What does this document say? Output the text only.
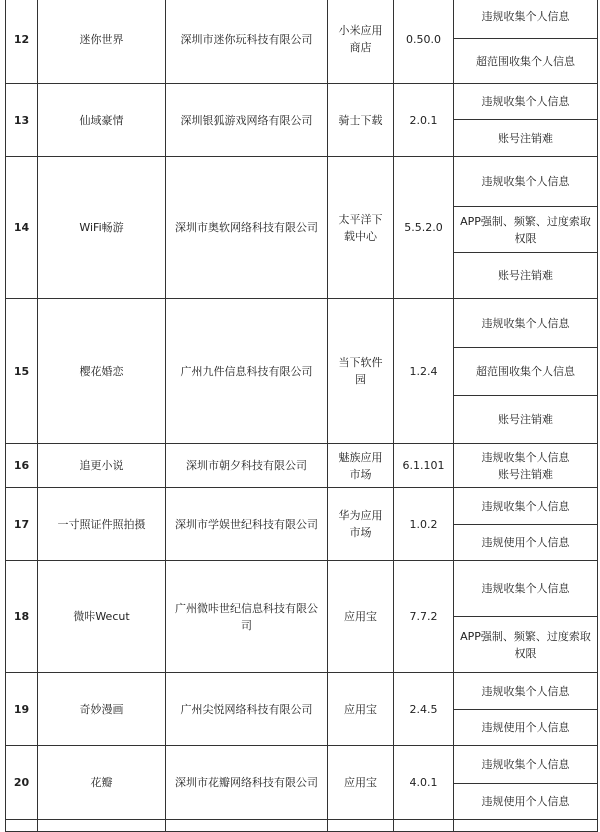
12	迷你世界	深圳市迷你玩科技有限公司	小米应用商店	0.50.0	违规收集个人信息
					超范围收集个人信息
13	仙域豪情	深圳银狐游戏网络有限公司	骑士下载	2.0.1	违规收集个人信息
					账号注销难
14	WiFi畅游	深圳市奥软网络科技有限公司	太平洋下载中心	5.5.2.0	违规收集个人信息
					APP强制、频繁、过度索取权限
					账号注销难
15	樱花婚恋	广州九件信息科技有限公司	当下软件园	1.2.4	违规收集个人信息
					超范围收集个人信息
					账号注销难
16	追更小说	深圳市朝夕科技有限公司	魅族应用市场	6.1.101	违规收集个人信息 账号注销难
17	一寸照证件照拍摄	深圳市学娱世纪科技有限公司	华为应用市场	1.0.2	违规收集个人信息
					违规使用个人信息
18	微咔Wecut	广州微咔世纪信息科技有限公司	应用宝	7.7.2	违规收集个人信息
					APP强制、频繁、过度索取权限
19	奇妙漫画	广州尖悦网络科技有限公司	应用宝	2.4.5	违规收集个人信息
					违规使用个人信息
20	花瓣	深圳市花瓣网络科技有限公司	应用宝	4.0.1	违规收集个人信息
					违规使用个人信息
